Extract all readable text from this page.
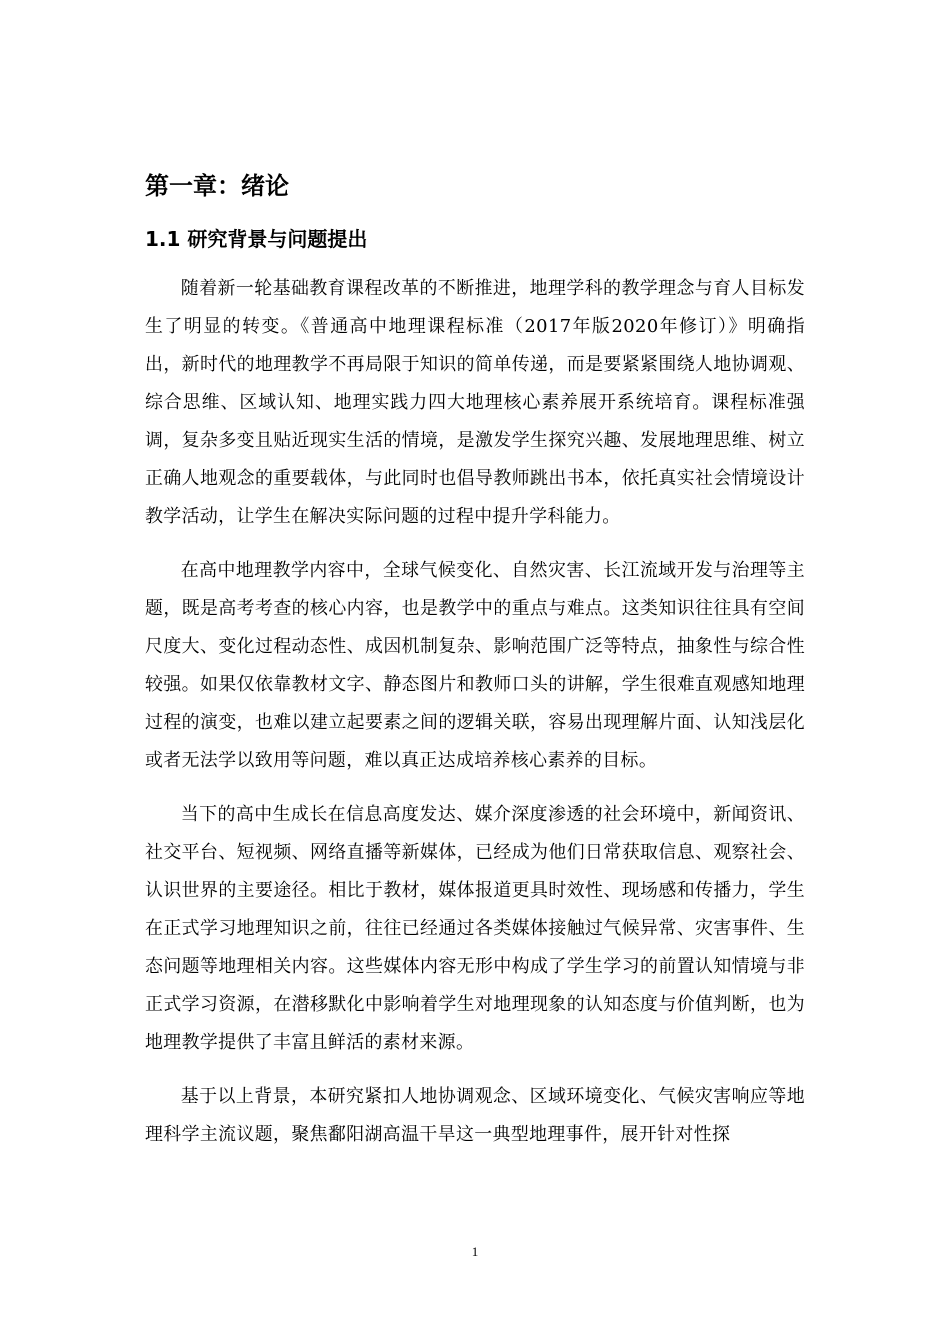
第一章：绪论
1.1 研究背景与问题提出

随着新一轮基础教育课程改革的不断推进，地理学科的教学理念与育人目标发生了明显的转变。《普通高中地理课程标准（2017年版2020年修订）》明确指出，新时代的地理教学不再局限于知识的简单传递，而是要紧紧围绕人地协调观、综合思维、区域认知、地理实践力四大地理核心素养展开系统培育。课程标准强调，复杂多变且贴近现实生活的情境，是激发学生探究兴趣、发展地理思维、树立正确人地观念的重要载体，与此同时也倡导教师跳出书本，依托真实社会情境设计教学活动，让学生在解决实际问题的过程中提升学科能力。

在高中地理教学内容中，全球气候变化、自然灾害、长江流域开发与治理等主题，既是高考考查的核心内容，也是教学中的重点与难点。这类知识往往具有空间尺度大、变化过程动态性、成因机制复杂、影响范围广泛等特点，抽象性与综合性较强。如果仅依靠教材文字、静态图片和教师口头的讲解，学生很难直观感知地理过程的演变，也难以建立起要素之间的逻辑关联，容易出现理解片面、认知浅层化或者无法学以致用等问题，难以真正达成培养核心素养的目标。

当下的高中生成长在信息高度发达、媒介深度渗透的社会环境中，新闻资讯、社交平台、短视频、网络直播等新媒体，已经成为他们日常获取信息、观察社会、认识世界的主要途径。相比于教材，媒体报道更具时效性、现场感和传播力，学生在正式学习地理知识之前，往往已经通过各类媒体接触过气候异常、灾害事件、生态问题等地理相关内容。这些媒体内容无形中构成了学生学习的前置认知情境与非正式学习资源，在潜移默化中影响着学生对地理现象的认知态度与价值判断，也为地理教学提供了丰富且鲜活的素材来源。

基于以上背景，本研究紧扣人地协调观念、区域环境变化、气候灾害响应等地理科学主流议题，聚焦鄱阳湖高温干旱这一典型地理事件，展开针对性探

1
